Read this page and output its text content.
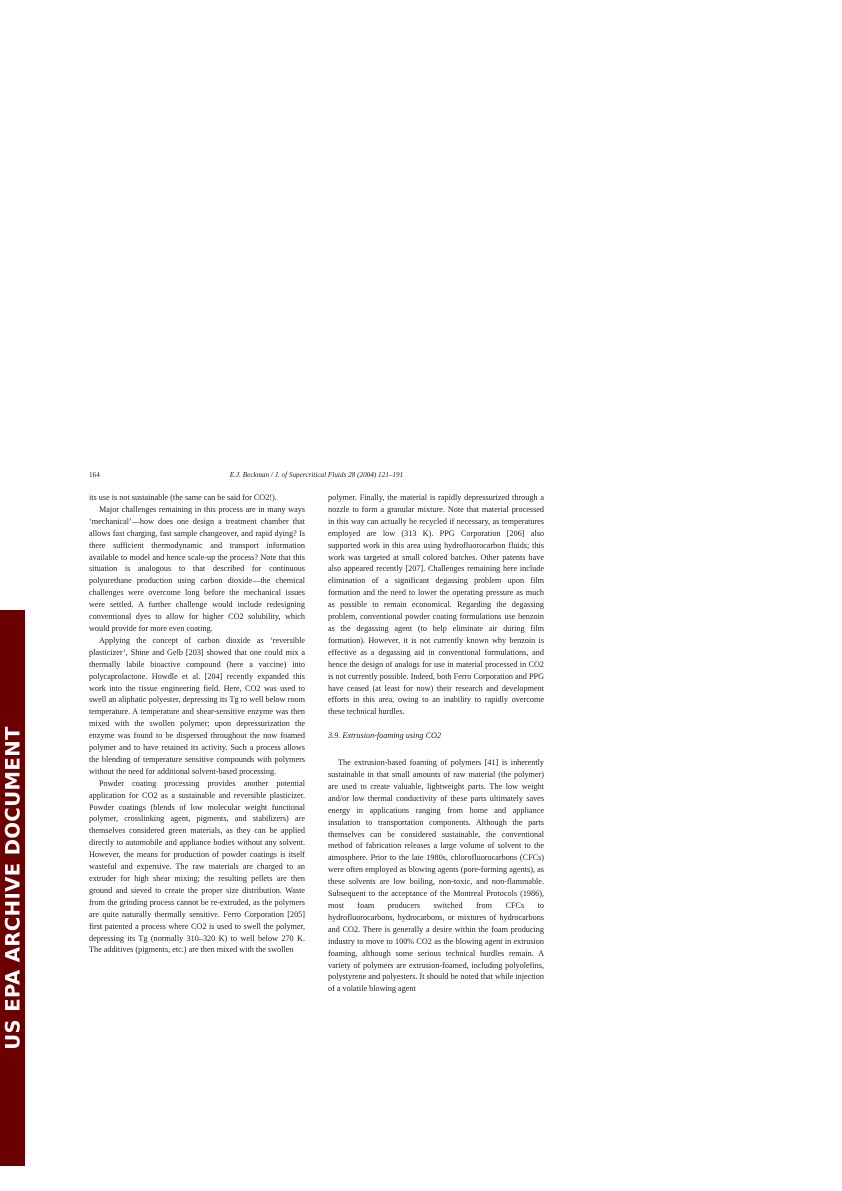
US EPA ARCHIVE DOCUMENT
164	E.J. Beckman / J. of Supercritical Fluids 28 (2004) 121–191

its use is not sustainable (the same can be said for CO2!).

Major challenges remaining in this process are in many ways ‘mechanical’—how does one design a treatment chamber that allows fast charging, fast sample changeover, and rapid dying? Is there sufficient thermodynamic and transport information available to model and hence scale-up the process? Note that this situation is analogous to that described for continuous polyurethane production using carbon dioxide—the chemical challenges were overcome long before the mechanical issues were settled. A further challenge would include redesigning conventional dyes to allow for higher CO2 solubility, which would provide for more even coating.

Applying the concept of carbon dioxide as ‘reversible plasticizer’, Shine and Gelb [203] showed that one could mix a thermally labile bioactive compound (here a vaccine) into polycaprolactone. Howdle et al. [204] recently expanded this work into the tissue engineering field. Here, CO2 was used to swell an aliphatic polyester, depressing its Tg to well below room temperature. A temperature and shear-sensitive enzyme was then mixed with the swollen polymer; upon depressurization the enzyme was found to be dispersed throughout the now foamed polymer and to have retained its activity. Such a process allows the blending of temperature sensitive compounds with polymers without the need for additional solvent-based processing.

Powder coating processing provides another potential application for CO2 as a sustainable and reversible plasticizer. Powder coatings (blends of low molecular weight functional polymer, crosslinking agent, pigments, and stabilizers) are themselves considered green materials, as they can be applied directly to automobile and appliance bodies without any solvent. However, the means for production of powder coatings is itself wasteful and expensive. The raw materials are charged to an extruder for high shear mixing; the resulting pellets are then ground and sieved to create the proper size distribution. Waste from the grinding process cannot be re-extruded, as the polymers are quite naturally thermally sensitive. Ferro Corporation [205] first patented a process where CO2 is used to swell the polymer, depressing its Tg (normally 310–320 K) to well below 270 K. The additives (pigments, etc.) are then mixed with the swollen

polymer. Finally, the material is rapidly depressurized through a nozzle to form a granular mixture. Note that material processed in this way can actually be recycled if necessary, as temperatures employed are low (313 K). PPG Corporation [206] also supported work in this area using hydrofluorocarbon fluids; this work was targeted at small colored batches. Other patents have also appeared recently [207]. Challenges remaining here include elimination of a significant degassing problem upon film formation and the need to lower the operating pressure as much as possible to remain economical. Regarding the degassing problem, conventional powder coating formulations use benzoin as the degassing agent (to help eliminate air during film formation). However, it is not currently known why benzoin is effective as a degassing aid in conventional formulations, and hence the design of analogs for use in material processed in CO2 is not currently possible. Indeed, both Ferro Corporation and PPG have ceased (at least for now) their research and development efforts in this area, owing to an inability to rapidly overcome these technical hurdles.

3.9. Extrusion-foaming using CO2

The extrusion-based foaming of polymers [41] is inherently sustainable in that small amounts of raw material (the polymer) are used to create valuable, lightweight parts. The low weight and/or low thermal conductivity of these parts ultimately saves energy in applications ranging from home and appliance insulation to transportation components. Although the parts themselves can be considered sustainable, the conventional method of fabrication releases a large volume of solvent to the atmosphere. Prior to the late 1980s, chlorofluorocarbons (CFCs) were often employed as blowing agents (pore-forming agents), as these solvents are low boiling, non-toxic, and non-flammable. Subsequent to the acceptance of the Montreal Protocols (1986), most foam producers switched from CFCs to hydrofluorocarbons, hydrocarbons, or mixtures of hydrocarbons and CO2. There is generally a desire within the foam producing industry to move to 100% CO2 as the blowing agent in extrusion foaming, although some serious technical hurdles remain. A variety of polymers are extrusion-foamed, including polyolefins, polystyrene and polyesters. It should be noted that while injection of a volatile blowing agent
